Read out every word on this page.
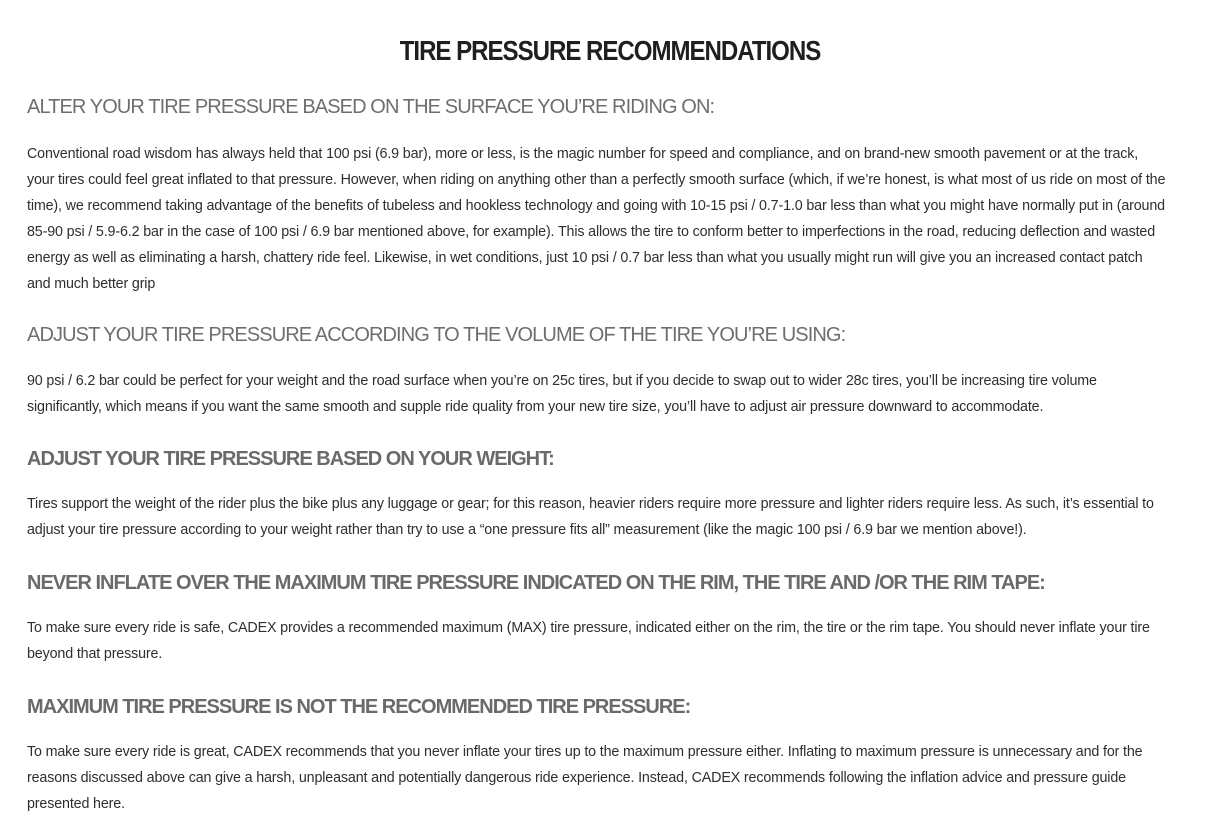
TIRE PRESSURE RECOMMENDATIONS
ALTER YOUR TIRE PRESSURE BASED ON THE SURFACE YOU’RE RIDING ON:

Conventional road wisdom has always held that 100 psi (6.9 bar), more or less, is the magic number for speed and compliance, and on brand-new smooth pavement or at the track, your tires could feel great inflated to that pressure. However, when riding on anything other than a perfectly smooth surface (which, if we’re honest, is what most of us ride on most of the time), we recommend taking advantage of the benefits of tubeless and hookless technology and going with 10-15 psi / 0.7-1.0 bar less than what you might have normally put in (around 85-90 psi / 5.9-6.2 bar in the case of 100 psi / 6.9 bar mentioned above, for example). This allows the tire to conform better to imperfections in the road, reducing deflection and wasted energy as well as eliminating a harsh, chattery ride feel. Likewise, in wet conditions, just 10 psi / 0.7 bar less than what you usually might run will give you an increased contact patch and much better grip

ADJUST YOUR TIRE PRESSURE ACCORDING TO THE VOLUME OF THE TIRE YOU’RE USING:

90 psi / 6.2 bar could be perfect for your weight and the road surface when you’re on 25c tires, but if you decide to swap out to wider 28c tires, you’ll be increasing tire volume significantly, which means if you want the same smooth and supple ride quality from your new tire size, you’ll have to adjust air pressure downward to accommodate.

ADJUST YOUR TIRE PRESSURE BASED ON YOUR WEIGHT:

Tires support the weight of the rider plus the bike plus any luggage or gear; for this reason, heavier riders require more pressure and lighter riders require less. As such, it’s essential to adjust your tire pressure according to your weight rather than try to use a “one pressure fits all” measurement (like the magic 100 psi / 6.9 bar we mention above!).

NEVER INFLATE OVER THE MAXIMUM TIRE PRESSURE INDICATED ON THE RIM, THE TIRE AND /OR THE RIM TAPE:

To make sure every ride is safe, CADEX provides a recommended maximum (MAX) tire pressure, indicated either on the rim, the tire or the rim tape. You should never inflate your tire beyond that pressure.

MAXIMUM TIRE PRESSURE IS NOT THE RECOMMENDED TIRE PRESSURE:

To make sure every ride is great, CADEX recommends that you never inflate your tires up to the maximum pressure either. Inflating to maximum pressure is unnecessary and for the reasons discussed above can give a harsh, unpleasant and potentially dangerous ride experience. Instead, CADEX recommends following the inflation advice and pressure guide presented here.
